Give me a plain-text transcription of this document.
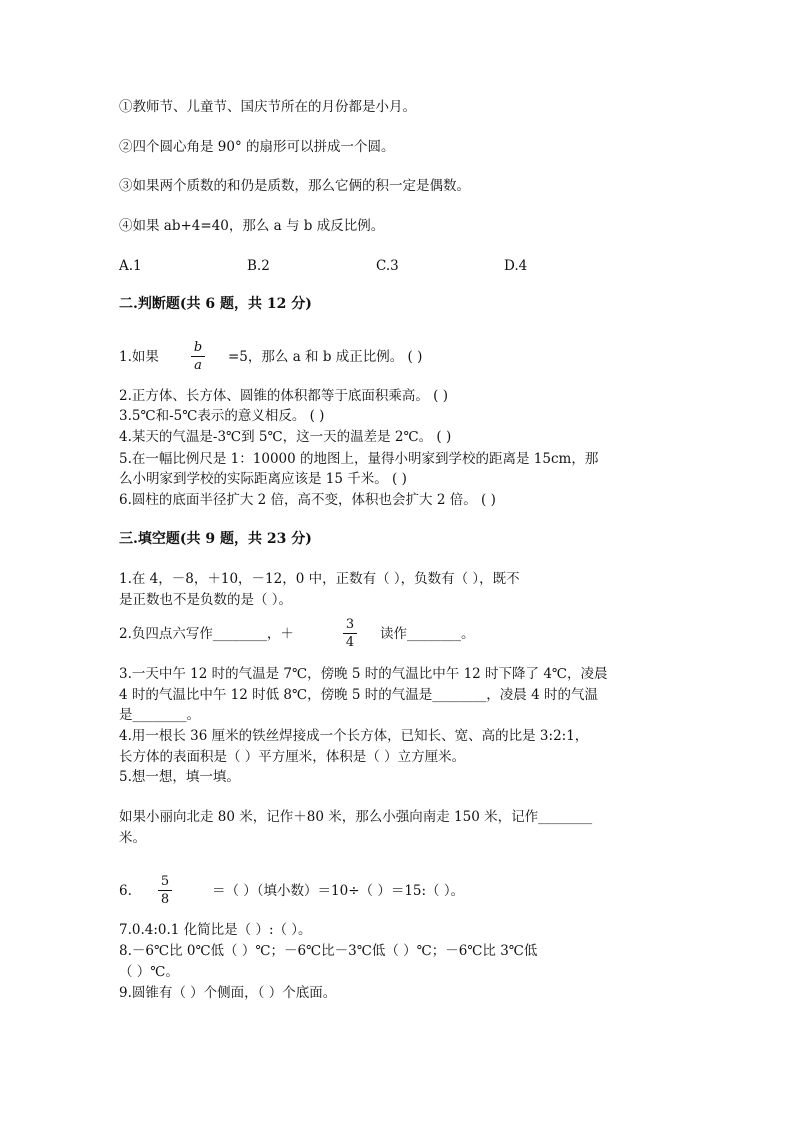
①教师节、儿童节、国庆节所在的月份都是小月。
②四个圆心角是 90° 的扇形可以拼成一个圆。
③如果两个质数的和仍是质数，那么它俩的积一定是偶数。
④如果 ab+4=40，那么 a 与 b 成反比例。
A.1	B.2	C.3	D.4
二.判断题(共 6 题，共 12 分)
1.如果
b
a
=5，那么 a 和 b 成正比例。 ( )
2.正方体、长方体、圆锥的体积都等于底面积乘高。 ( )
3.5℃和-5℃表示的意义相反。 ( )
4.某天的气温是-3℃到 5℃，这一天的温差是 2℃。 ( )
5.在一幅比例尺是 1：10000 的地图上，量得小明家到学校的距离是 15cm，那
么小明家到学校的实际距离应该是 15 千米。 ( )
6.圆柱的底面半径扩大 2 倍，高不变，体积也会扩大 2 倍。 ( )
三.填空题(共 9 题，共 23 分)
1.在 4，－8，＋10，－12，0 中，正数有（ ），负数有（ ），既不
是正数也不是负数的是（ ）。
2.负四点六写作________，＋
3
4
读作________。
3.一天中午 12 时的气温是 7℃，傍晚 5 时的气温比中午 12 时下降了 4℃，凌晨
4 时的气温比中午 12 时低 8℃，傍晚 5 时的气温是________，凌晨 4 时的气温
是________。
4.用一根长 36 厘米的铁丝焊接成一个长方体，已知长、宽、高的比是 3:2:1，
长方体的表面积是（ ）平方厘米，体积是（ ）立方厘米。
5.想一想，填一填。
如果小丽向北走 80 米，记作＋80 米，那么小强向南走 150 米，记作________
米。
6.
5
8
＝（ ）（填小数）＝10÷（ ）＝15:（ ）。
7.0.4:0.1 化简比是（ ）:（ ）。
8.－6℃比 0℃低（ ）℃；－6℃比－3℃低（ ）℃；－6℃比 3℃低
（ ）℃。
9.圆锥有（ ）个侧面，（ ）个底面。
